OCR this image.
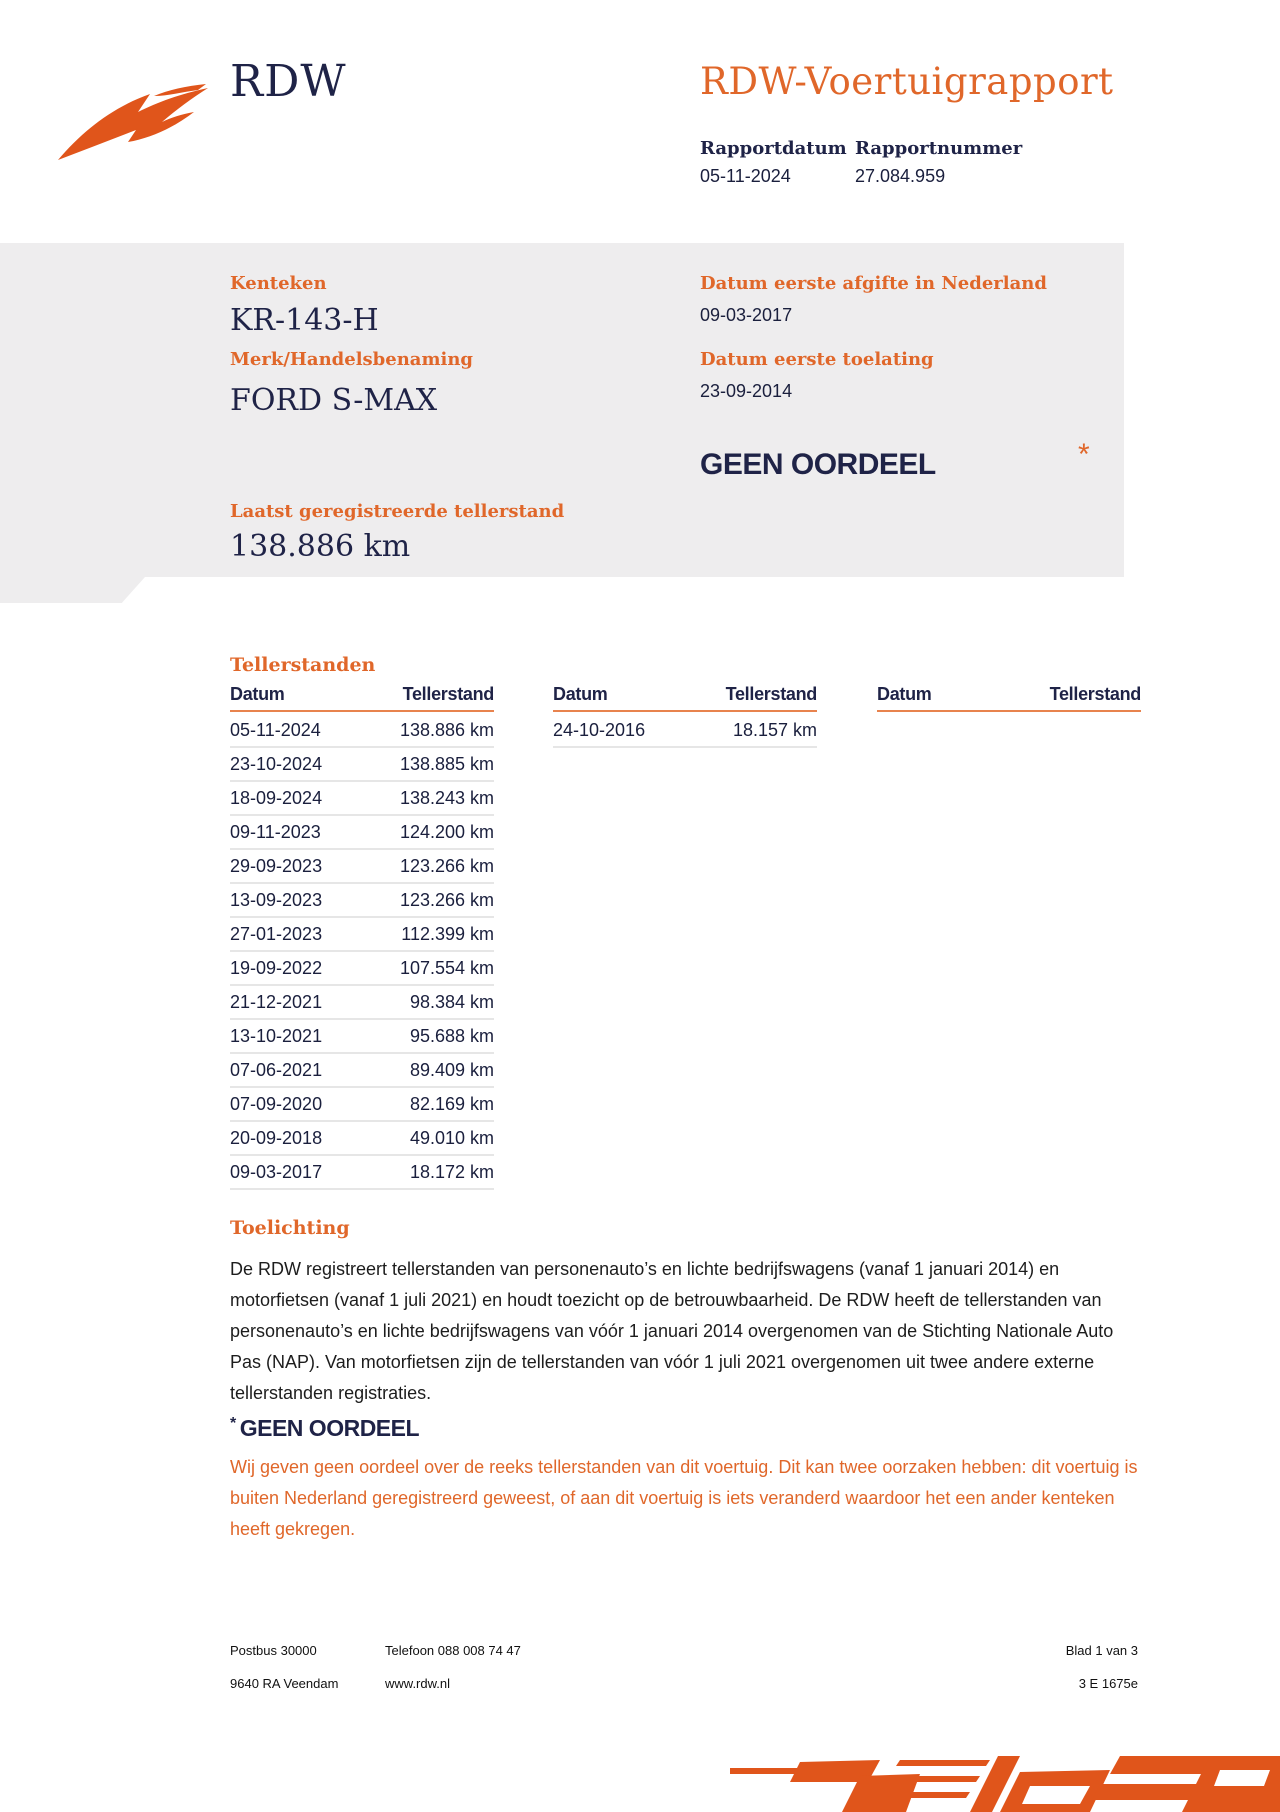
RDW	RDW-Voertuigrapport
Rapportdatum Rapportnummer
05-11-2024	27.084.959
Kenteken
KR-143-H
Merk/Handelsbenaming
FORD S-MAX
Datum eerste afgifte in Nederland
09-03-2017
Datum eerste toelating
23-09-2014
Laatst geregistreerde tellerstand
138.886 km
GEEN OORDEEL	*
Tellerstanden
Datum	Tellerstand
05-11-2024	138.886 km
23-10-2024	138.885 km
18-09-2024	138.243 km
09-11-2023	124.200 km
29-09-2023	123.266 km
13-09-2023	123.266 km
27-01-2023	112.399 km
19-09-2022	107.554 km
21-12-2021	98.384 km
13-10-2021	95.688 km
07-06-2021	89.409 km
07-09-2020	82.169 km
20-09-2018	49.010 km
09-03-2017	18.172 km
Datum	Tellerstand
24-10-2016	18.157 km
Datum	Tellerstand
Toelichting
De RDW registreert tellerstanden van personenauto’s en lichte bedrijfswagens (vanaf 1 januari 2014) en motorfietsen (vanaf 1 juli 2021) en houdt toezicht op de betrouwbaarheid. De RDW heeft de tellerstanden van personenauto’s en lichte bedrijfswagens van vóór 1 januari 2014 overgenomen van de Stichting Nationale Auto Pas (NAP). Van motorfietsen zijn de tellerstanden van vóór 1 juli 2021 overgenomen uit twee andere externe tellerstanden registraties.
* GEEN OORDEEL
Wij geven geen oordeel over de reeks tellerstanden van dit voertuig. Dit kan twee oorzaken hebben: dit voertuig is buiten Nederland geregistreerd geweest, of aan dit voertuig is iets veranderd waardoor het een ander kenteken heeft gekregen.
Postbus 30000
9640 RA Veendam
Telefoon 088 008 74 47
www.rdw.nl
Blad 1 van 3
3 E 1675e
